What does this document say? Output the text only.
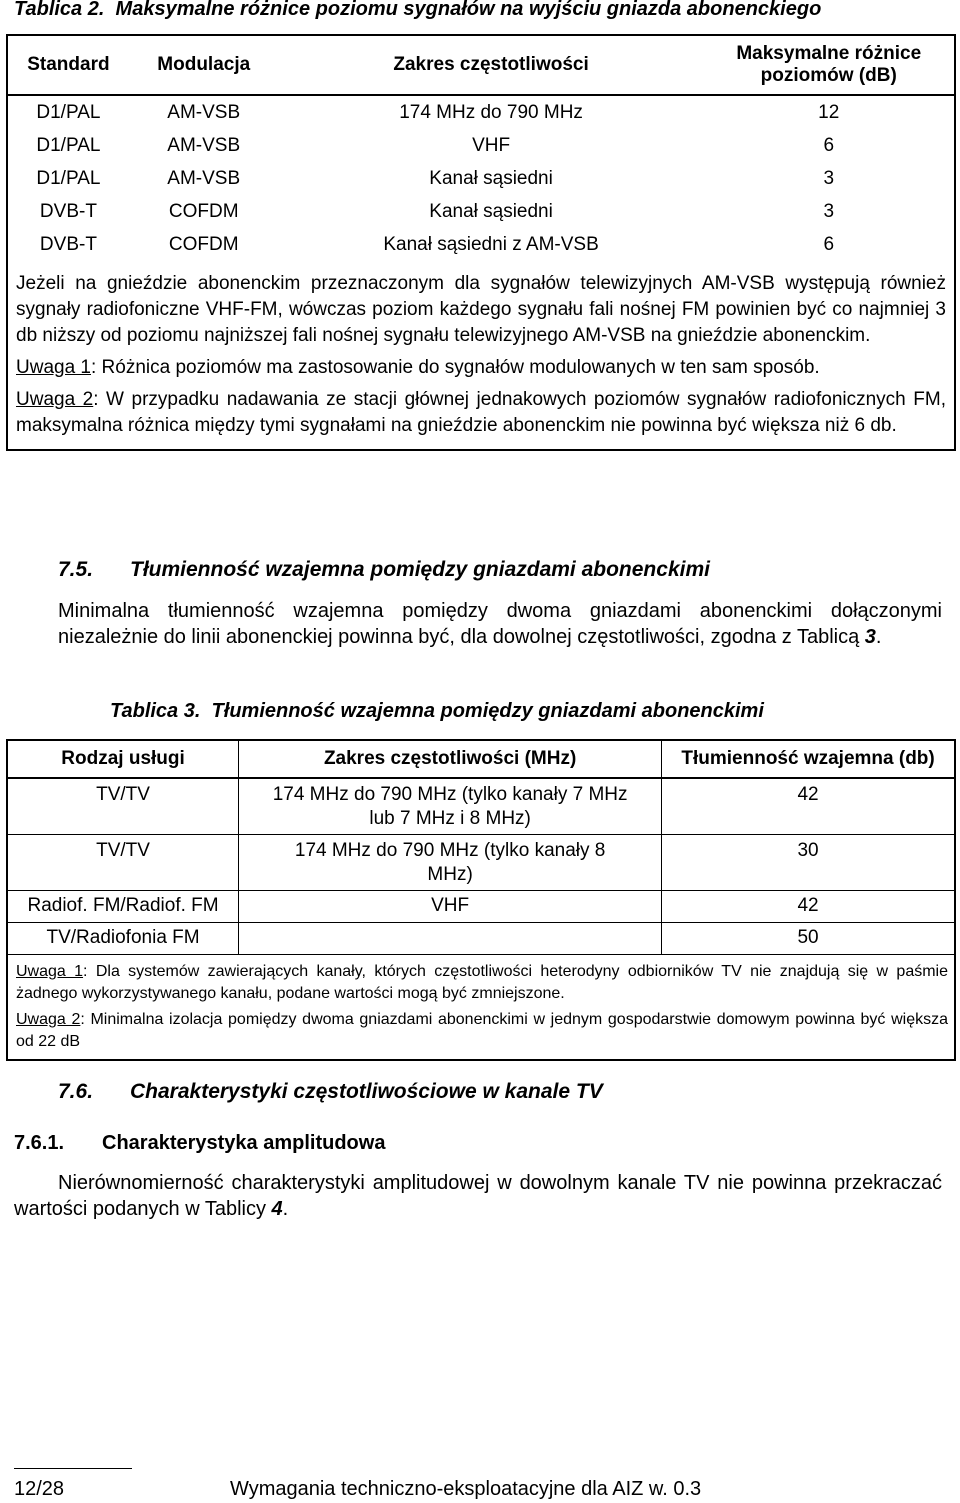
Tablica 2. Maksymalne różnice poziomu sygnałów na wyjściu gniazda abonenckiego
Standard	Modulacja	Zakres częstotliwości	Maksymalne różnice poziomów (dB)
D1/PAL	AM-VSB	174 MHz do 790 MHz	12
D1/PAL	AM-VSB	VHF	6
D1/PAL	AM-VSB	Kanał sąsiedni	3
DVB-T	COFDM	Kanał sąsiedni	3
DVB-T	COFDM	Kanał sąsiedni z AM-VSB	6

Jeżeli na gnieździe abonenckim przeznaczonym dla sygnałów telewizyjnych AM-VSB występują również sygnały radiofoniczne VHF-FM, wówczas poziom każdego sygnału fali nośnej FM powinien być co najmniej 3 db niższy od poziomu najniższej fali nośnej sygnału telewizyjnego AM-VSB na gnieździe abonenckim.

Uwaga 1: Różnica poziomów ma zastosowanie do sygnałów modulowanych w ten sam sposób.

Uwaga 2: W przypadku nadawania ze stacji głównej jednakowych poziomów sygnałów radiofonicznych FM, maksymalna różnica między tymi sygnałami na gnieździe abonenckim nie powinna być większa niż 6 db.			

7.5. Tłumienność wzajemna pomiędzy gniazdami abonenckimi
Minimalna tłumienność wzajemna pomiędzy dwoma gniazdami abonenckimi dołączonymi niezależnie do linii abonenckiej powinna być, dla dowolnej częstotliwości, zgodna z Tablicą 3.
Tablica 3. Tłumienność wzajemna pomiędzy gniazdami abonenckimi
Rodzaj usługi	Zakres częstotliwości (MHz)	Tłumienność wzajemna (db)
TV/TV	174 MHz do 790 MHz (tylko kanały 7 MHz lub 7 MHz i 8 MHz)	42
TV/TV	174 MHz do 790 MHz (tylko kanały 8 MHz)	30
Radiof. FM/Radiof. FM	VHF	42
TV/Radiofonia FM		50

Uwaga 1: Dla systemów zawierających kanały, których częstotliwości heterodyny odbiorników TV nie znajdują się w paśmie żadnego wykorzystywanego kanału, podane wartości mogą być zmniejszone.

Uwaga 2: Minimalna izolacja pomiędzy dwoma gniazdami abonenckimi w jednym gospodarstwie domowym powinna być większa od 22 dB		

7.6. Charakterystyki częstotliwościowe w kanale TV
7.6.1. Charakterystyka amplitudowa
Nierównomierność charakterystyki amplitudowej w dowolnym kanale TV nie powinna przekraczać wartości podanych w Tablicy 4.
12/28	Wymagania techniczno-eksploatacyjne dla AIZ w. 0.3
